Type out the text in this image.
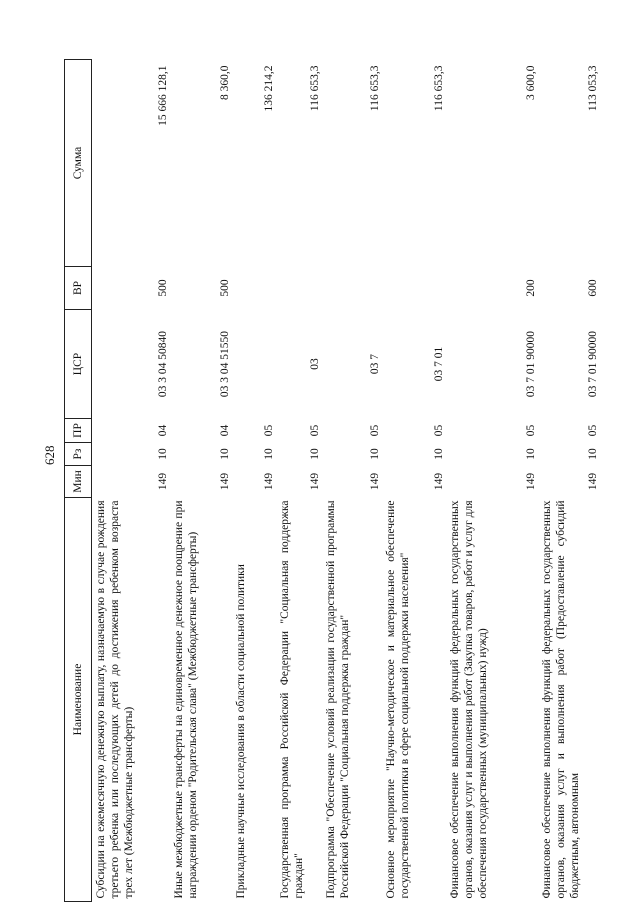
628
Наименование	Мин	Рз	ПР	ЦСР	ВР	Сумма
Субсидии на ежемесячную денежную выплату, назначаемую в случае рождения третьего ребенка или последующих детей до достижения ребенком возраста трех лет (Межбюджетные трансферты)	149	10	04	03 3 04 50840	500	15 666 128,1
Иные межбюджетные трансферты на единовременное денежное поощрение при награждении орденом "Родительская слава" (Межбюджетные трансферты)	149	10	04	03 3 04 51550	500	8 360,0
Прикладные научные исследования в области социальной политики	149	10	05			136 214,2
Государственная программа Российской Федерации "Социальная поддержка граждан"	149	10	05	03		116 653,3
Подпрограмма "Обеспечение условий реализации государственной программы Российской Федерации "Социальная поддержка граждан"	149	10	05	03 7		116 653,3
Основное мероприятие "Научно-методическое и материальное обеспечение государственной политики в сфере социальной поддержки населения"	149	10	05	03 7 01		116 653,3
Финансовое обеспечение выполнения функций федеральных государственных органов, оказания услуг и выполнения работ (Закупка товаров, работ и услуг для обеспечения государственных (муниципальных) нужд)	149	10	05	03 7 01 90000	200	3 600,0
Финансовое обеспечение выполнения функций федеральных государственных органов, оказания услуг и выполнения работ (Предоставление субсидий бюджетным, автономным	149	10	05	03 7 01 90000	600	113 053,3
